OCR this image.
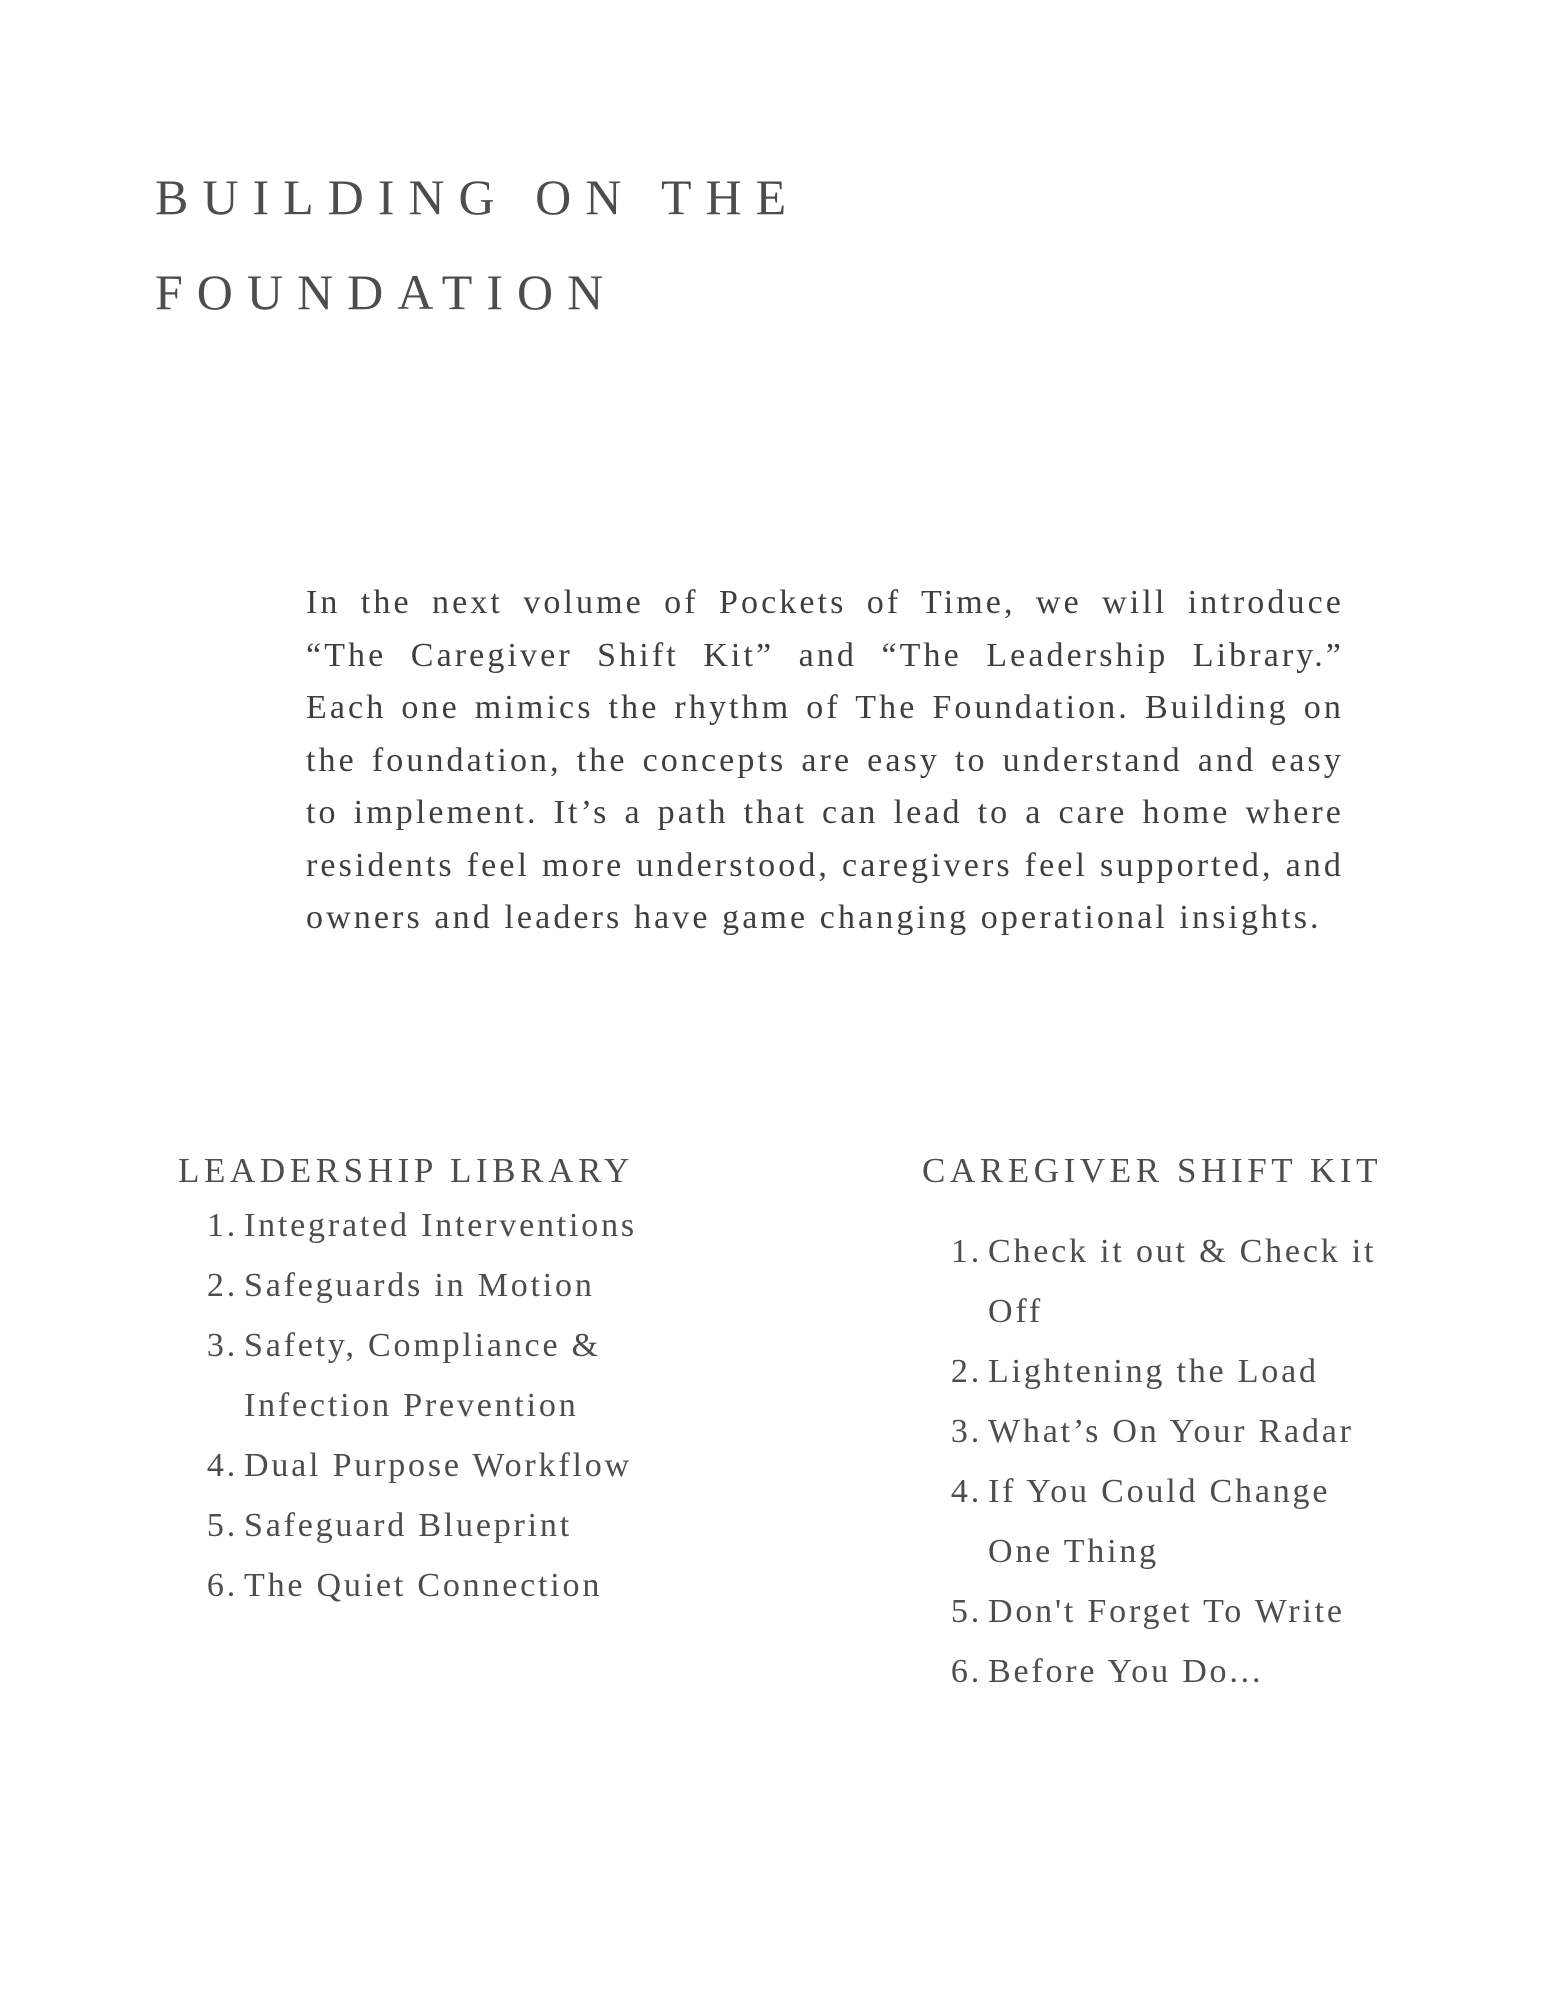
BUILDING ON THE
FOUNDATION

In the next volume of Pockets of Time, we will introduce “The Caregiver Shift Kit” and “The Leadership Library.” Each one mimics the rhythm of The Foundation. Building on the foundation, the concepts are easy to understand and easy to implement. It’s a path that can lead to a care home where residents feel more understood, caregivers feel supported, and owners and leaders have game changing operational insights.

LEADERSHIP LIBRARY
1. Integrated Interventions
2. Safeguards in Motion
3. Safety, Compliance & Infection Prevention
4. Dual Purpose Workflow
5. Safeguard Blueprint
6. The Quiet Connection
CAREGIVER SHIFT KIT
1. Check it out & Check it Off
2. Lightening the Load
3. What’s On Your Radar
4. If You Could Change One Thing
5. Don't Forget To Write
6. Before You Do...
